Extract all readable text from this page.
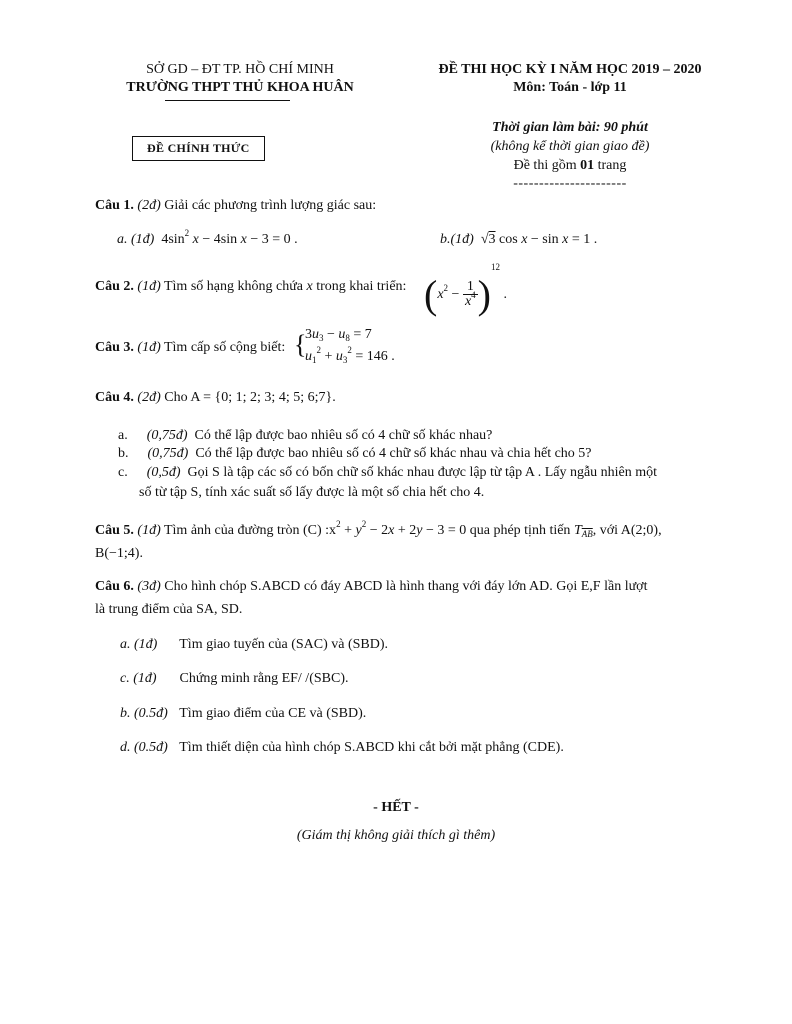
SỞ GD – ĐT TP. HỒ CHÍ MINH
TRƯỜNG THPT THỦ KHOA HUÂN
ĐỀ CHÍNH THỨC
ĐỀ THI HỌC KỲ I NĂM HỌC 2019 – 2020
Môn: Toán - lớp 11
Thời gian làm bài: 90 phút
(không kể thời gian giao đề)
Đề thi gồm 01 trang
----------------------
Câu 1. (2đ) Giải các phương trình lượng giác sau:
a. (1đ) $4\sin^2$ x − 4sin x − 3 = 0 .	b.(1đ) √3 cos x − sin x = 1 .
Câu 2. (1đ) Tìm số hạng không chứa x trong khai triển: $(x^2 - \frac{1}{x^4} )^{12}$ .
Câu 3. (1đ) Tìm cấp số cộng biết: {
$3u_3 - u_8 = 7$
$u_1^2 + u_3^2 = 146$ .
Câu 4. (2đ) Cho A = {0; 1; 2; 3; 4; 5; 6;7}.
a. (0,75đ) Có thể lập được bao nhiêu số có 4 chữ số khác nhau?
b. (0,75đ) Có thể lập được bao nhiêu số có 4 chữ số khác nhau và chia hết cho 5?
c. (0,5đ) Gọi S là tập các số có bốn chữ số khác nhau được lập từ tập A . Lấy ngẫu nhiên một
số từ tập S, tính xác suất số lấy được là một số chia hết cho 4.
Câu 5. (1đ) Tìm ảnh của đường tròn (C) $:x^2 + y^2 - 2x + 2y - 3 = 0$ qua phép tịnh tiến $T_{\overline{AB}}$, với A(2;0),
B(−1;4).
Câu 6. (3đ) Cho hình chóp S.ABCD có đáy ABCD là hình thang với đáy lớn AD. Gọi E,F lần lượt
là trung điểm của SA, SD.
a. (1đ) Tìm giao tuyến của (SAC) và (SBD).
c. (1đ) Chứng minh rằng EF/ /(SBC).
b. (0.5đ) Tìm giao điểm của CE và (SBD).
d. (0.5đ) Tìm thiết diện của hình chóp S.ABCD khi cắt bởi mặt phẳng (CDE).
- HẾT -
(Giám thị không giải thích gì thêm)
